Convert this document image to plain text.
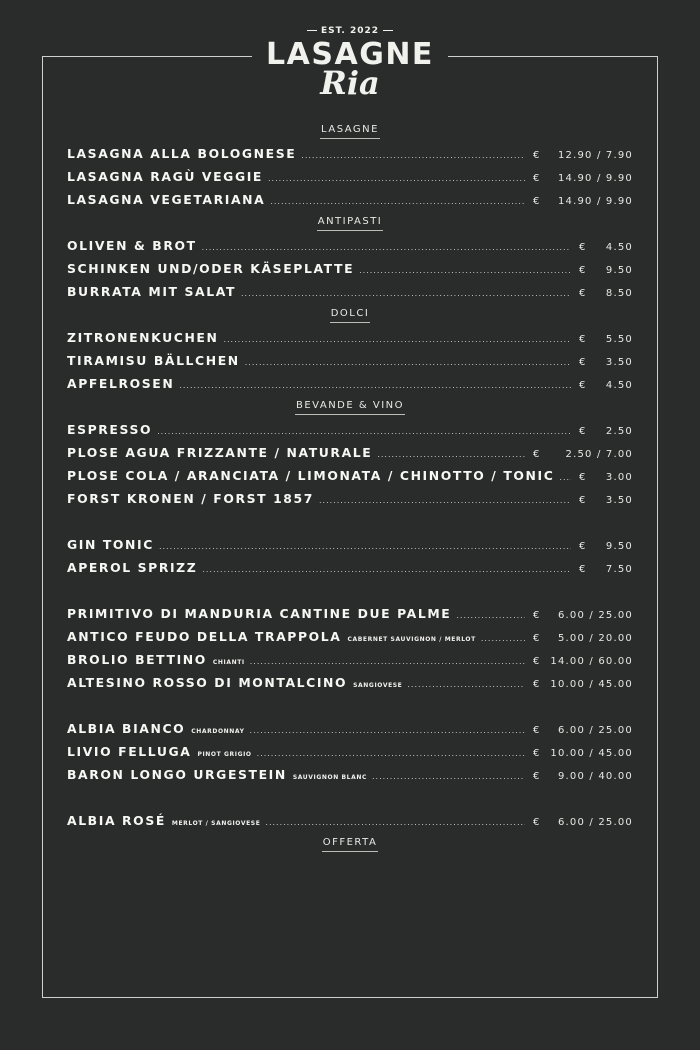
EST. 2022
LASAGNE
Ria
LASAGNE
LASAGNA ALLA BOLOGNESE .....	€	12.90 / 7.90
LASAGNA RAGÙ VEGGIE .....	€	14.90 / 9.90
LASAGNA VEGETARIANA .....	€	14.90 / 9.90
ANTIPASTI
OLIVEN & BROT .....	€	4.50
SCHINKEN UND/ODER KÄSEPLATTE .....	€	9.50
BURRATA MIT SALAT .....	€	8.50
DOLCI
ZITRONENKUCHEN .....	€	5.50
TIRAMISU BÄLLCHEN .....	€	3.50
APFELROSEN .....	€	4.50
BEVANDE & VINO
ESPRESSO .....	€	2.50
PLOSE AGUA FRIZZANTE / NATURALE .....	€	2.50 / 7.00
PLOSE COLA / ARANCIATA / LIMONATA / CHINOTTO / TONIC ..... €	3.00
FORST KRONEN / FORST 1857 .....	€	3.50
GIN TONIC .....	€	9.50
APEROL SPRIZZ .....	€	7.50
PRIMITIVO DI MANDURIA CANTINE DUE PALME .....	€	6.00 / 25.00
ANTICO FEUDO DELLA TRAPPOLA CABERNET SAUVIGNON / MERLOT .....	€	5.00 / 20.00
BROLIO BETTINO CHIANTI .....	€	14.00 / 60.00
ALTESINO ROSSO DI MONTALCINO SANGIOVESE .....	€	10.00 / 45.00
ALBIA BIANCO CHARDONNAY .....	€	6.00 / 25.00
LIVIO FELLUGA PINOT GRIGIO .....	€	10.00 / 45.00
BARON LONGO URGESTEIN SAUVIGNON BLANC .....	€	9.00 / 40.00
ALBIA ROSÉ MERLOT / SANGIOVESE .....	€	6.00 / 25.00
OFFERTA
